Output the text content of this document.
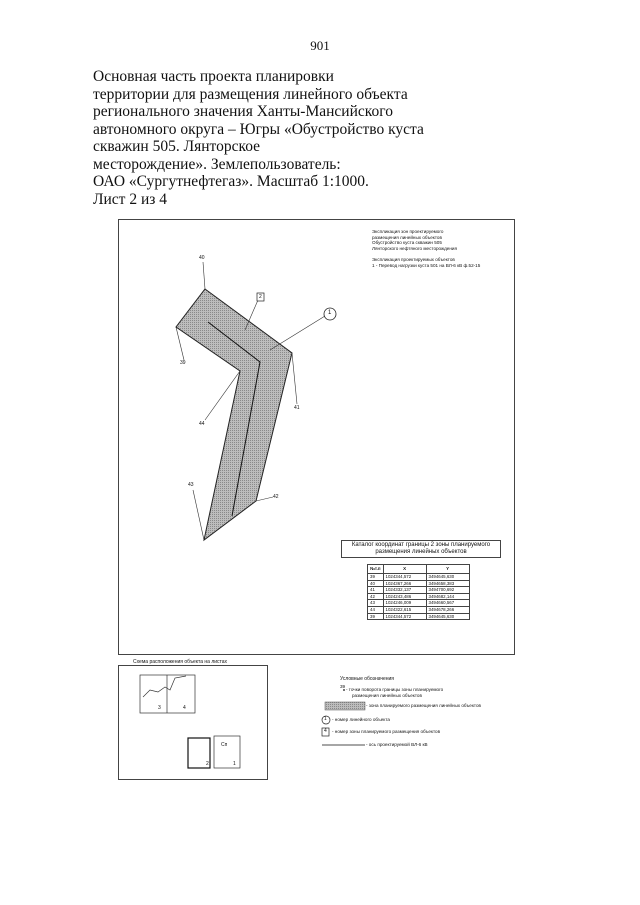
901
Основная часть проекта планировки
территории для размещения линейного объекта
регионального значения Ханты-Мансийского
автономного округа – Югры «Обустройство куста
скважин 505. Лянторское
месторождение». Землепользователь:
ОАО «Сургутнефтегаз». Масштаб 1:1000.
Лист 2 из 4
40
39
44
41
43
42
2
1
Экспликация зон проектируемого
размещения линейных объектов
Обустройство куста скважин 505
Лянторского нефтяного месторождения
Экспликация проектируемых объектов
1 - Перевод нагрузки куста 501 на ВЛ-6 кВ ф.52-15
Каталог координат границы 2 зоны планируемого
размещения линейных объектов
№т.п	X	Y
39	1024344,572	3494645,630
40	1024367,266	3494658,383
41	1024332,137	3494700,692
42	1024243,486	3494682,144
43	1024246,009	3494660,567
44	1024322,615	3494678,266
39	1024344,572	3494645,630
Схема расположения объекта на листах
3	4
2	1
Сп
Условные обозначения
39
- точки поворота границы зоны планируемого
размещения линейных объектов
- зона планируемого размещения линейных объектов
1 - номер линейного объекта
4 - номер зоны планируемого размещения объектов
- ось проектируемой ВЛ-6 кВ
